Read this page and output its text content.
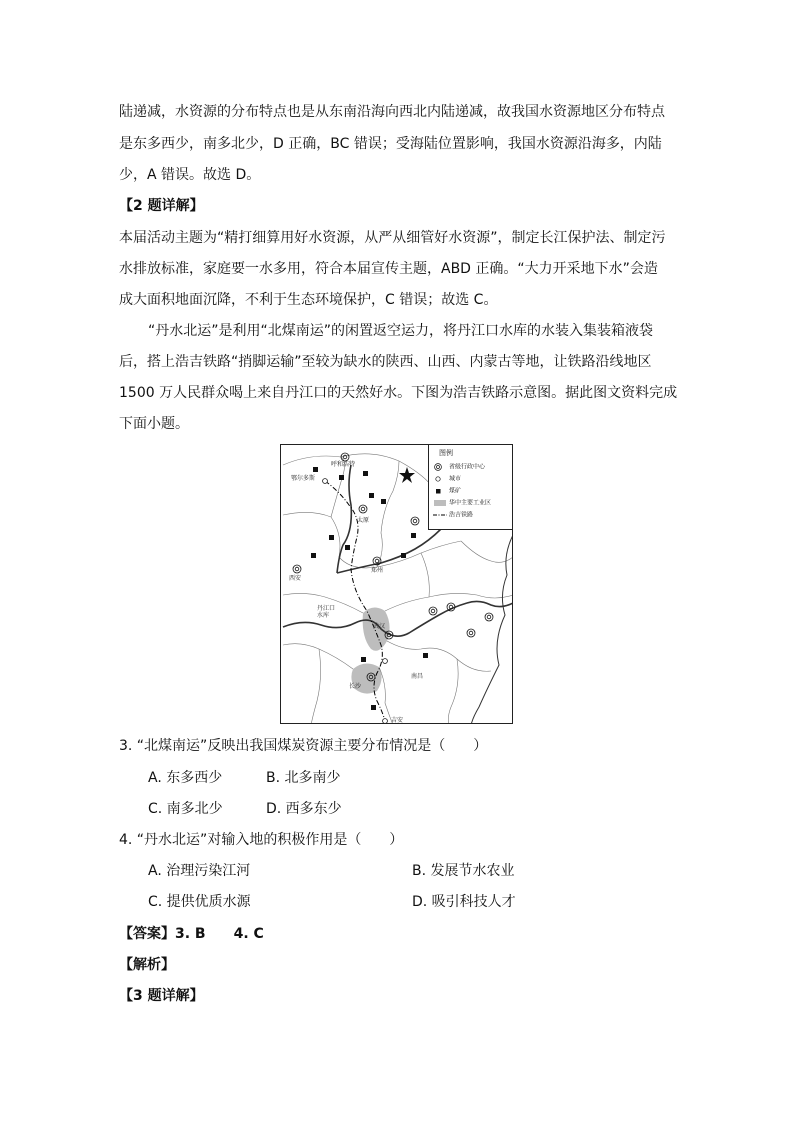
陆递减，水资源的分布特点也是从东南沿海向西北内陆递减，故我国水资源地区分布特点
是东多西少，南多北少，D 正确，BC 错误；受海陆位置影响，我国水资源沿海多，内陆
少，A 错误。故选 D。
【2 题详解】
本届活动主题为“精打细算用好水资源，从严从细管好水资源”，制定长江保护法、制定污
水排放标准，家庭要一水多用，符合本届宣传主题，ABD 正确。“大力开采地下水”会造
成大面积地面沉降，不利于生态环境保护，C 错误；故选 C。
“丹水北运”是利用“北煤南运”的闲置返空运力，将丹江口水库的水装入集装箱液袋
后，搭上浩吉铁路“捎脚运输”至较为缺水的陕西、山西、内蒙古等地，让铁路沿线地区
1500 万人民群众喝上来自丹江口的天然好水。下图为浩吉铁路示意图。据此图文资料完成
下面小题。
呼和浩特
鄂尔多斯
太原
西安
郑州
丹江口
水库
武汉
长沙
南昌
吉安
图例
省级行政中心
城市
煤矿
华中主要工业区
浩吉铁路
3. “北煤南运”反映出我国煤炭资源主要分布情况是（　　）
A. 东多西少	B. 北多南少
C. 南多北少	D. 西多东少
4. “丹水北运”对输入地的积极作用是（　　）
A. 治理污染江河	B. 发展节水农业
C. 提供优质水源	D. 吸引科技人才
【答案】3. B　　4. C
【解析】
【3 题详解】
